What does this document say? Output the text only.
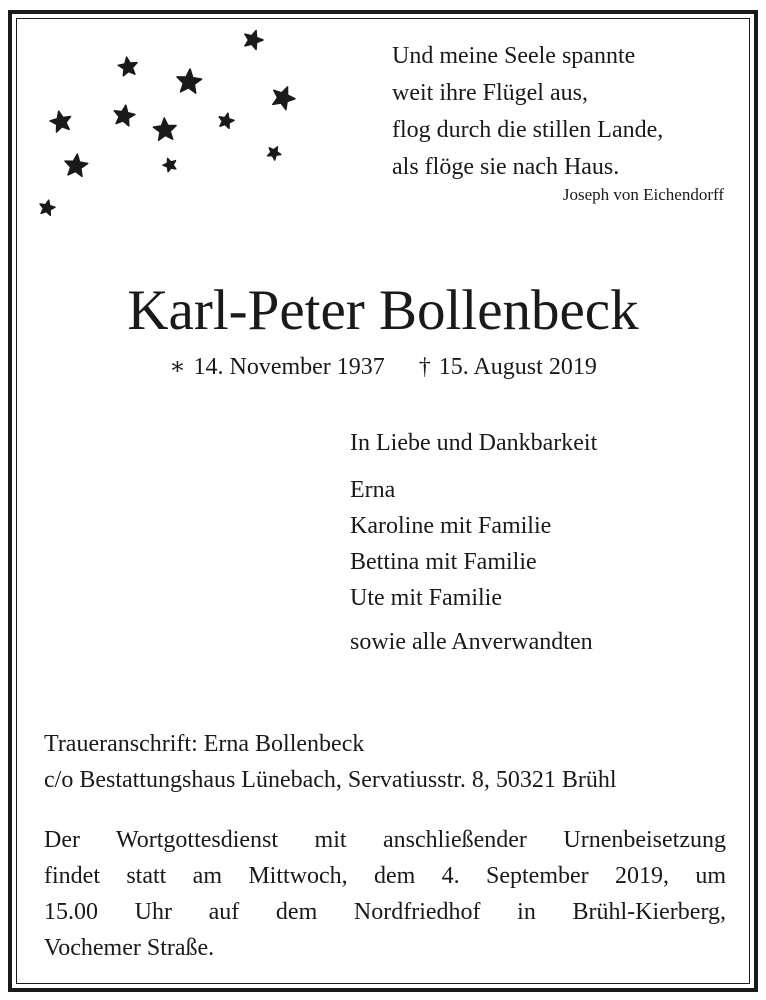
Und meine Seele spannte
weit ihre Flügel aus,
flog durch die stillen Lande,
als flöge sie nach Haus.
Joseph von Eichendorff
Karl-Peter Bollenbeck
∗ 14. November 1937 † 15. August 2019
In Liebe und Dankbarkeit
Erna
Karoline mit Familie
Bettina mit Familie
Ute mit Familie
sowie alle Anverwandten
Traueranschrift: Erna Bollenbeck
c/o Bestattungshaus Lünebach, Servatiusstr. 8, 50321 Brühl
Der Wortgottesdienst mit anschließender Urnenbeisetzung
findet statt am Mittwoch, dem 4. September 2019, um
15.00 Uhr auf dem Nordfriedhof in Brühl-Kierberg,
Vochemer Straße.
